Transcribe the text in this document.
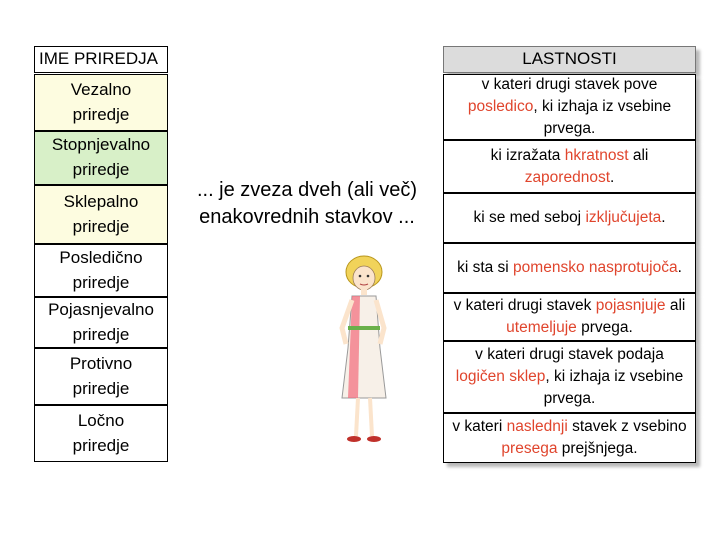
IME PRIREDJA
Vezalno
priredje
Stopnjevalno
priredje
Sklepalno
priredje
Posledično
priredje
Pojasnjevalno
priredje
Protivno
priredje
Ločno
priredje
... je zveza dveh (ali več)
enakovrednih stavkov ...
LASTNOSTI
v kateri drugi stavek pove posledico, ki izhaja iz vsebine prvega.
ki izražata hkratnost ali zaporednost.
ki se med seboj izključujeta.
ki sta si pomensko nasprotujoča.
v kateri drugi stavek pojasnjuje ali utemeljuje prvega.
v kateri drugi stavek podaja logičen sklep, ki izhaja iz vsebine prvega.
v kateri naslednji stavek z vsebino presega prejšnjega.
